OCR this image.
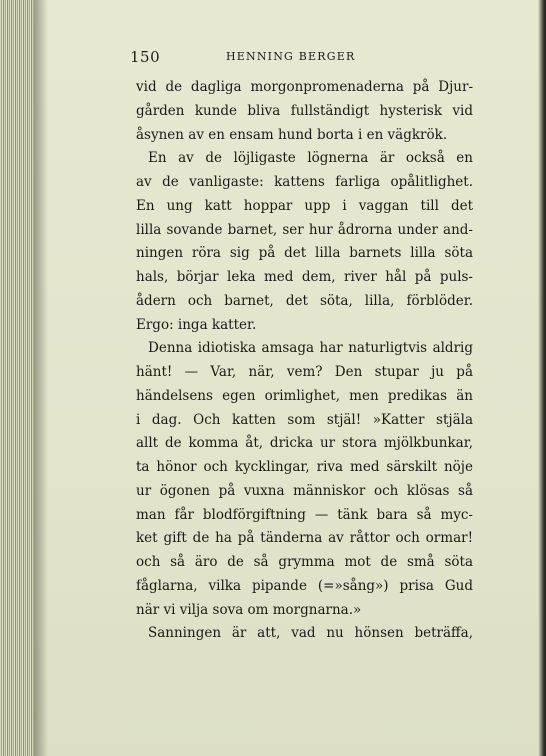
150	HENNING BERGER
vid de dagliga morgonpromenaderna på Djur-
gården kunde bliva fullständigt hysterisk vid
åsynen av en ensam hund borta i en vägkrök.
En av de löjligaste lögnerna är också en
av de vanligaste: kattens farliga opålitlighet.
En ung katt hoppar upp i vaggan till det
lilla sovande barnet, ser hur ådrorna under and-
ningen röra sig på det lilla barnets lilla söta
hals, börjar leka med dem, river hål på puls-
ådern och barnet, det söta, lilla, förblöder.
Ergo: inga katter.
Denna idiotiska amsaga har naturligtvis aldrig
hänt! — Var, när, vem? Den stupar ju på
händelsens egen orimlighet, men predikas än
i dag. Och katten som stjäl! »Katter stjäla
allt de komma åt, dricka ur stora mjölkbunkar,
ta hönor och kycklingar, riva med särskilt nöje
ur ögonen på vuxna människor och klösas så
man får blodförgiftning — tänk bara så myc-
ket gift de ha på tänderna av råttor och ormar!
och så äro de så grymma mot de små söta
fåglarna, vilka pipande (=»sång») prisa Gud
när vi vilja sova om morgnarna.»
Sanningen är att, vad nu hönsen beträffa,
